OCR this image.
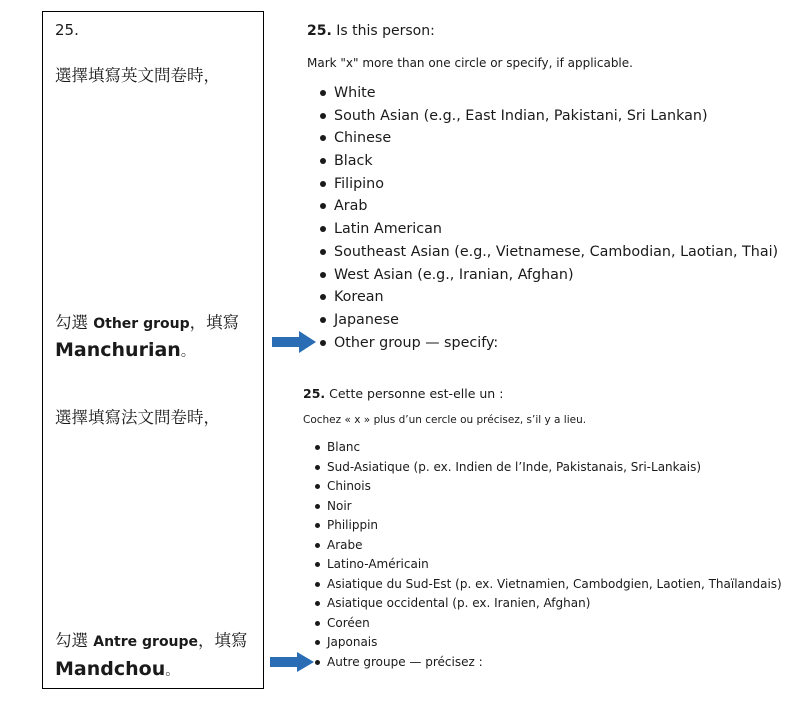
25.
選擇填寫英文問卷時，
勾選 Other group，填寫
Manchurian。
選擇填寫法文問卷時，
勾選 Antre groupe，填寫
Mandchou。
25. Is this person:
Mark "x" more than one circle or specify, if applicable.
White
South Asian (e.g., East Indian, Pakistani, Sri Lankan)
Chinese
Black
Filipino
Arab
Latin American
Southeast Asian (e.g., Vietnamese, Cambodian, Laotian, Thai)
West Asian (e.g., Iranian, Afghan)
Korean
Japanese
Other group — specify:
25. Cette personne est-elle un :
Cochez « x » plus d’un cercle ou précisez, s’il y a lieu.
Blanc
Sud-Asiatique (p. ex. Indien de l’Inde, Pakistanais, Sri-Lankais)
Chinois
Noir
Philippin
Arabe
Latino-Américain
Asiatique du Sud-Est (p. ex. Vietnamien, Cambodgien, Laotien, Thaïlandais)
Asiatique occidental (p. ex. Iranien, Afghan)
Coréen
Japonais
Autre groupe — précisez :
